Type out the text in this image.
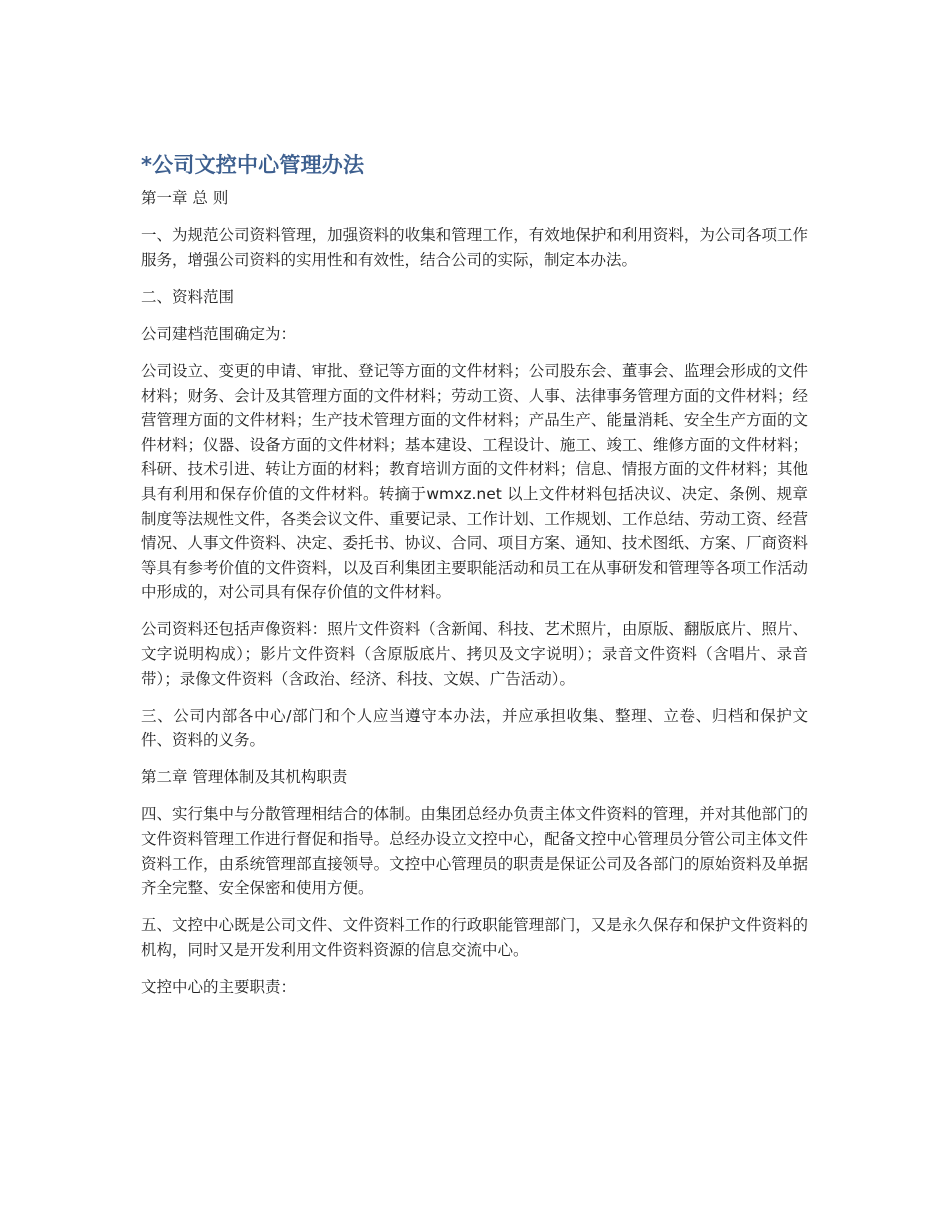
*公司文控中心管理办法

第一章 总 则

一、为规范公司资料管理，加强资料的收集和管理工作，有效地保护和利用资料，为公司各项工作服务，增强公司资料的实用性和有效性，结合公司的实际，制定本办法。

二、资料范围

公司建档范围确定为：

公司设立、变更的申请、审批、登记等方面的文件材料；公司股东会、董事会、监理会形成的文件材料；财务、会计及其管理方面的文件材料；劳动工资、人事、法律事务管理方面的文件材料；经营管理方面的文件材料；生产技术管理方面的文件材料；产品生产、能量消耗、安全生产方面的文件材料；仪器、设备方面的文件材料；基本建设、工程设计、施工、竣工、维修方面的文件材料；科研、技术引进、转让方面的材料；教育培训方面的文件材料；信息、情报方面的文件材料；其他具有利用和保存价值的文件材料。转摘于wmxz.net 以上文件材料包括决议、决定、条例、规章制度等法规性文件，各类会议文件、重要记录、工作计划、工作规划、工作总结、劳动工资、经营情况、人事文件资料、决定、委托书、协议、合同、项目方案、通知、技术图纸、方案、厂商资料等具有参考价值的文件资料，以及百利集团主要职能活动和员工在从事研发和管理等各项工作活动中形成的，对公司具有保存价值的文件材料。

公司资料还包括声像资料：照片文件资料（含新闻、科技、艺术照片，由原版、翻版底片、照片、文字说明构成）；影片文件资料（含原版底片、拷贝及文字说明）；录音文件资料（含唱片、录音带）；录像文件资料（含政治、经济、科技、文娱、广告活动）。

三、公司内部各中心/部门和个人应当遵守本办法，并应承担收集、整理、立卷、归档和保护文件、资料的义务。

第二章 管理体制及其机构职责

四、实行集中与分散管理相结合的体制。由集团总经办负责主体文件资料的管理，并对其他部门的文件资料管理工作进行督促和指导。总经办设立文控中心，配备文控中心管理员分管公司主体文件资料工作，由系统管理部直接领导。文控中心管理员的职责是保证公司及各部门的原始资料及单据齐全完整、安全保密和使用方便。

五、文控中心既是公司文件、文件资料工作的行政职能管理部门，又是永久保存和保护文件资料的机构，同时又是开发利用文件资料资源的信息交流中心。

文控中心的主要职责：
